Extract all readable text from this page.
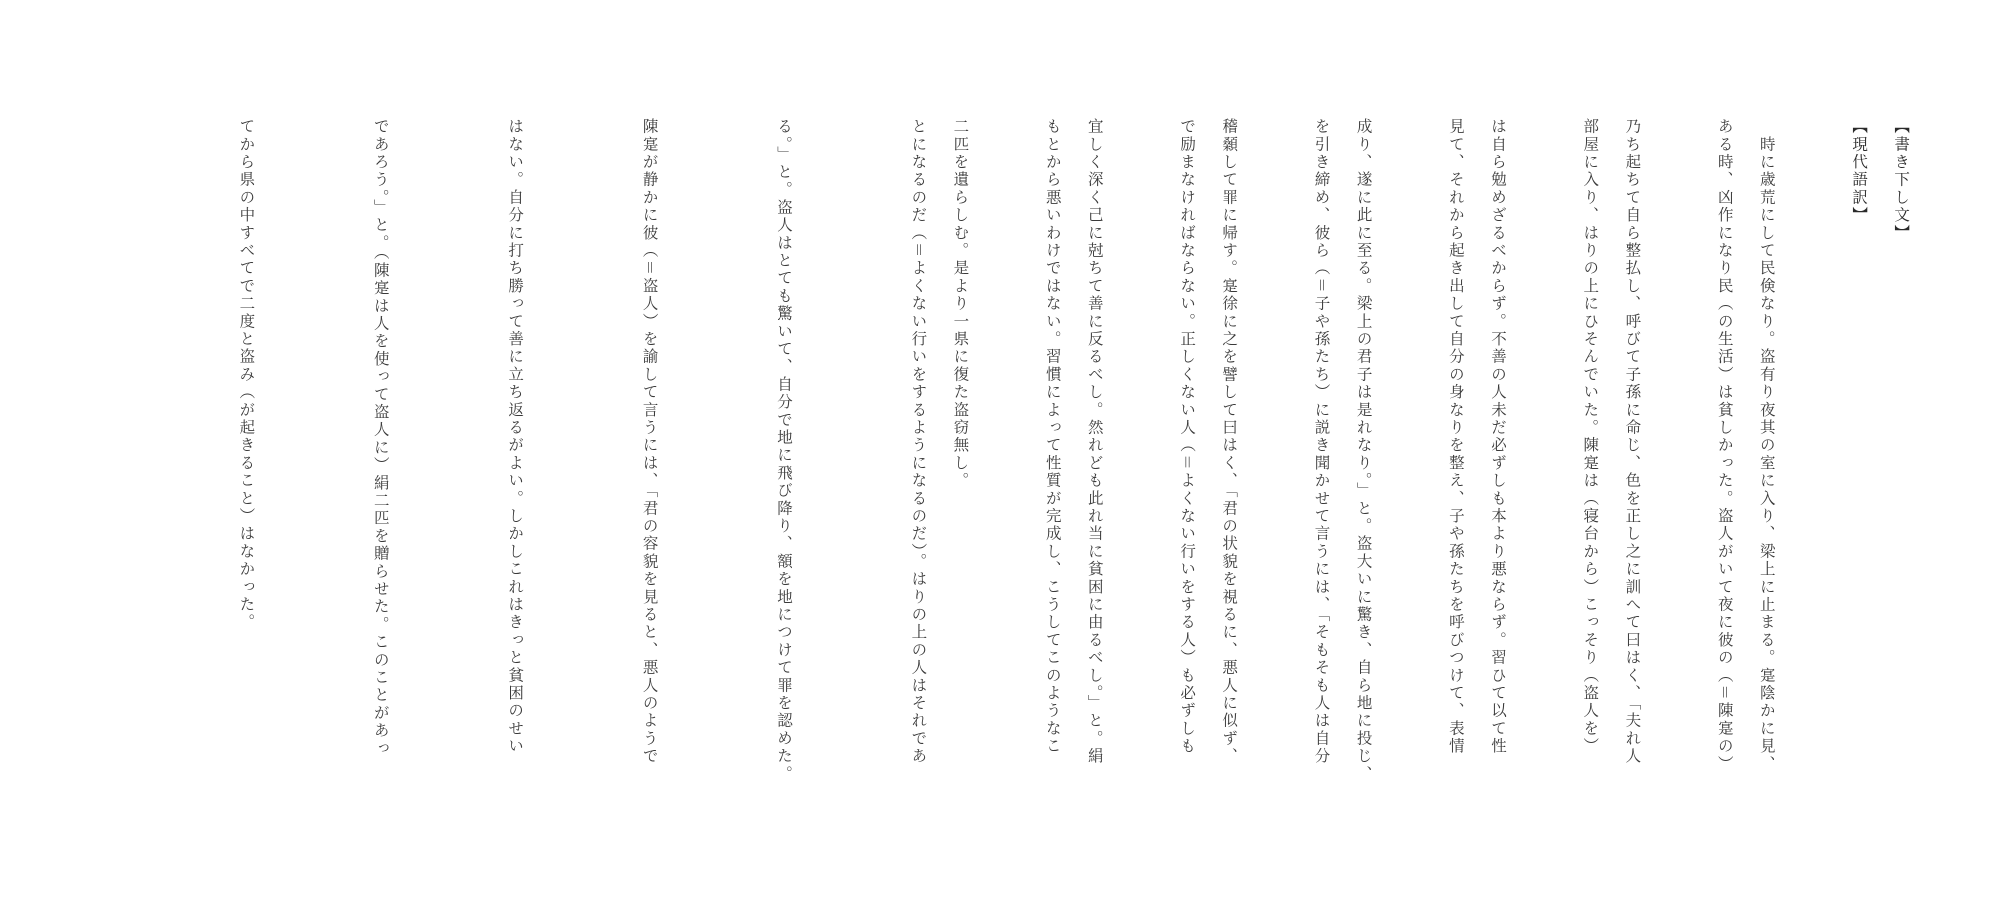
【書き下し文】

　時に歳荒にして民倹なり。盗有り夜其の室に入り、梁上に止まる。寔陰かに見、

乃ち起ちて自ら整払し、呼びて子孫に命じ、色を正し之に訓へて曰はく、「夫れ人

は自ら勉めざるべからず。不善の人未だ必ずしも本より悪ならず。習ひて以て性

成り、遂に此に至る。梁上の君子は是れなり。」と。盗大いに驚き、自ら地に投じ、

稽顙して罪に帰す。寔徐に之を譬して曰はく、「君の状貌を視るに、悪人に似ず、

宜しく深く己に尅ちて善に反るべし。然れども此れ当に貧困に由るべし。」と。絹

二匹を遺らしむ。是より一県に復た盗窃無し。

	【現代語訳】

ある時、凶作になり民（の生活）は貧しかった。盗人がいて夜に彼の（＝陳寔の）

部屋に入り、はりの上にひそんでいた。陳寔は（寝台から）こっそり（盗人を）

見て、それから起き出して自分の身なりを整え、子や孫たちを呼びつけて、表情

を引き締め、彼ら（＝子や孫たち）に説き聞かせて言うには、「そもそも人は自分

で励まなければならない。正しくない人（＝よくない行いをする人）も必ずしも

もとから悪いわけではない。習慣によって性質が完成し、こうしてこのようなこ

とになるのだ（＝よくない行いをするようになるのだ）。はりの上の人はそれであ

る。」と。盗人はとても驚いて、自分で地に飛び降り、額を地につけて罪を認めた。

陳寔が静かに彼（＝盗人）を諭して言うには、「君の容貌を見ると、悪人のようで

はない。自分に打ち勝って善に立ち返るがよい。しかしこれはきっと貧困のせい

であろう。」と。（陳寔は人を使って盗人に）絹二匹を贈らせた。このことがあっ

てから県の中すべてで二度と盗み（が起きること）はなかった。
